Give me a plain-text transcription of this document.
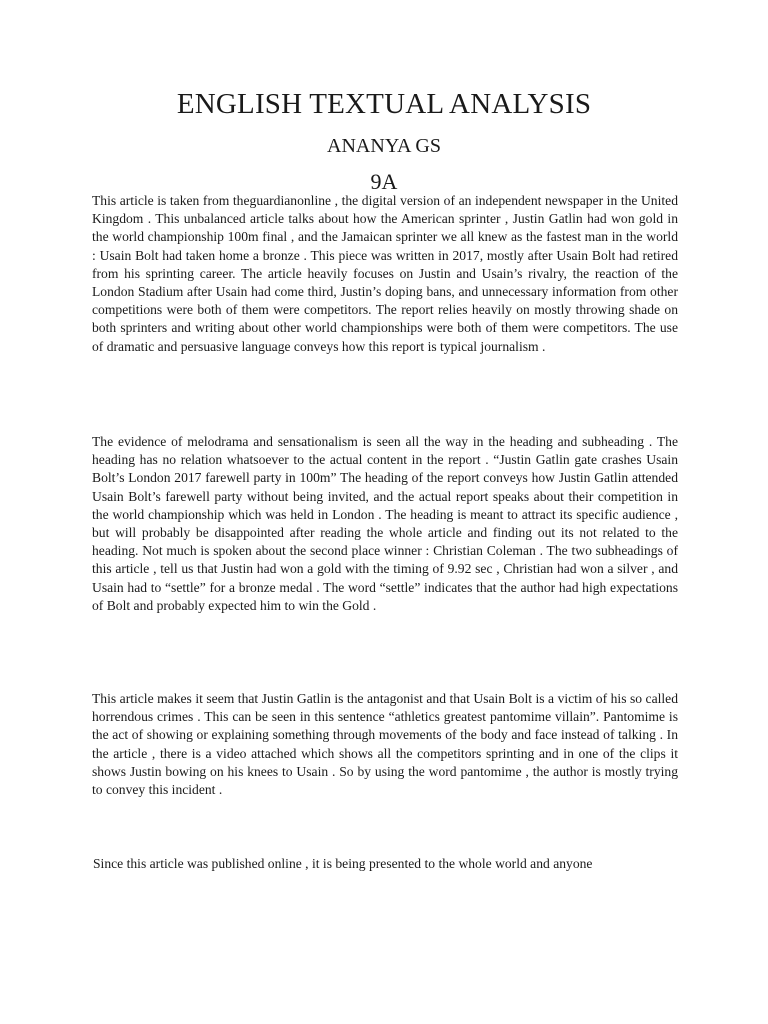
ENGLISH TEXTUAL ANALYSIS
ANANYA GS
9A

This article is taken from theguardianonline , the digital version of an independent newspaper in the United Kingdom . This unbalanced article talks about how the American sprinter , Justin Gatlin had won gold in the world championship 100m final , and the Jamaican sprinter we all knew as the fastest man in the world : Usain Bolt had taken home a bronze . This piece was written in 2017, mostly after Usain Bolt had retired from his sprinting career. The article heavily focuses on Justin and Usain’s rivalry, the reaction of the London Stadium after Usain had come third, Justin’s doping bans, and unnecessary information from other competitions were both of them were competitors. The report relies heavily on mostly throwing shade on both sprinters and writing about other world championships were both of them were competitors. The use of dramatic and persuasive language conveys how this report is typical journalism .

The evidence of melodrama and sensationalism is seen all the way in the heading and subheading . The heading has no relation whatsoever to the actual content in the report . “Justin Gatlin gate crashes Usain Bolt’s London 2017 farewell party in 100m” The heading of the report conveys how Justin Gatlin attended Usain Bolt’s farewell party without being invited, and the actual report speaks about their competition in the world championship which was held in London . The heading is meant to attract its specific audience , but will probably be disappointed after reading the whole article and finding out its not related to the heading. Not much is spoken about the second place winner : Christian Coleman . The two subheadings of this article , tell us that Justin had won a gold with the timing of 9.92 sec , Christian had won a silver , and Usain had to “settle” for a bronze medal . The word “settle” indicates that the author had high expectations of Bolt and probably expected him to win the Gold .

This article makes it seem that Justin Gatlin is the antagonist and that Usain Bolt is a victim of his so called horrendous crimes . This can be seen in this sentence “athletics greatest pantomime villain”. Pantomime is the act of showing or explaining something through movements of the body and face instead of talking . In the article , there is a video attached which shows all the competitors sprinting and in one of the clips it shows Justin bowing on his knees to Usain . So by using the word pantomime , the author is mostly trying to convey this incident .

Since this article was published online , it is being presented to the whole world and anyone
